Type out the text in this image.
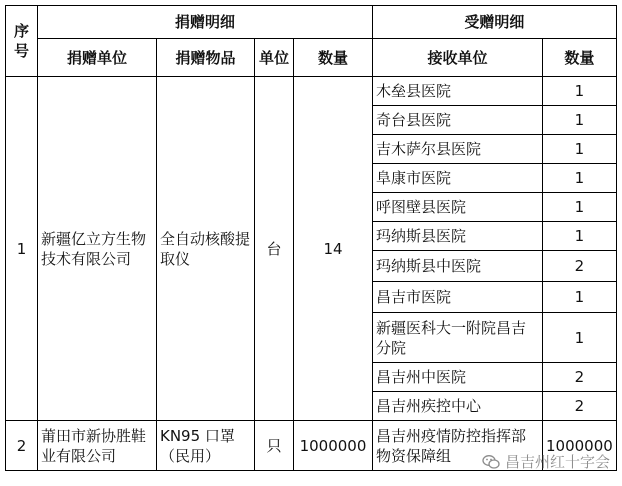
序号	捐赠明细				受赠明细	
	捐赠单位	捐赠物品	单位	数量	接收单位	数量
1	新疆亿立方生物技术有限公司	全自动核酸提取仪	台	14	木垒县医院	1
					奇台县医院	1
					吉木萨尔县医院	1
					阜康市医院	1
					呼图壁县医院	1
					玛纳斯县医院	1
					玛纳斯县中医院	2
					昌吉市医院	1
					新疆医科大一附院昌吉分院	1
					昌吉州中医院	2
					昌吉州疾控中心	2
2	莆田市新协胜鞋业有限公司	KN95 口罩（民用）	只	1000000	昌吉州疫情防控指挥部物资保障组	1000000
昌吉州红十字会
